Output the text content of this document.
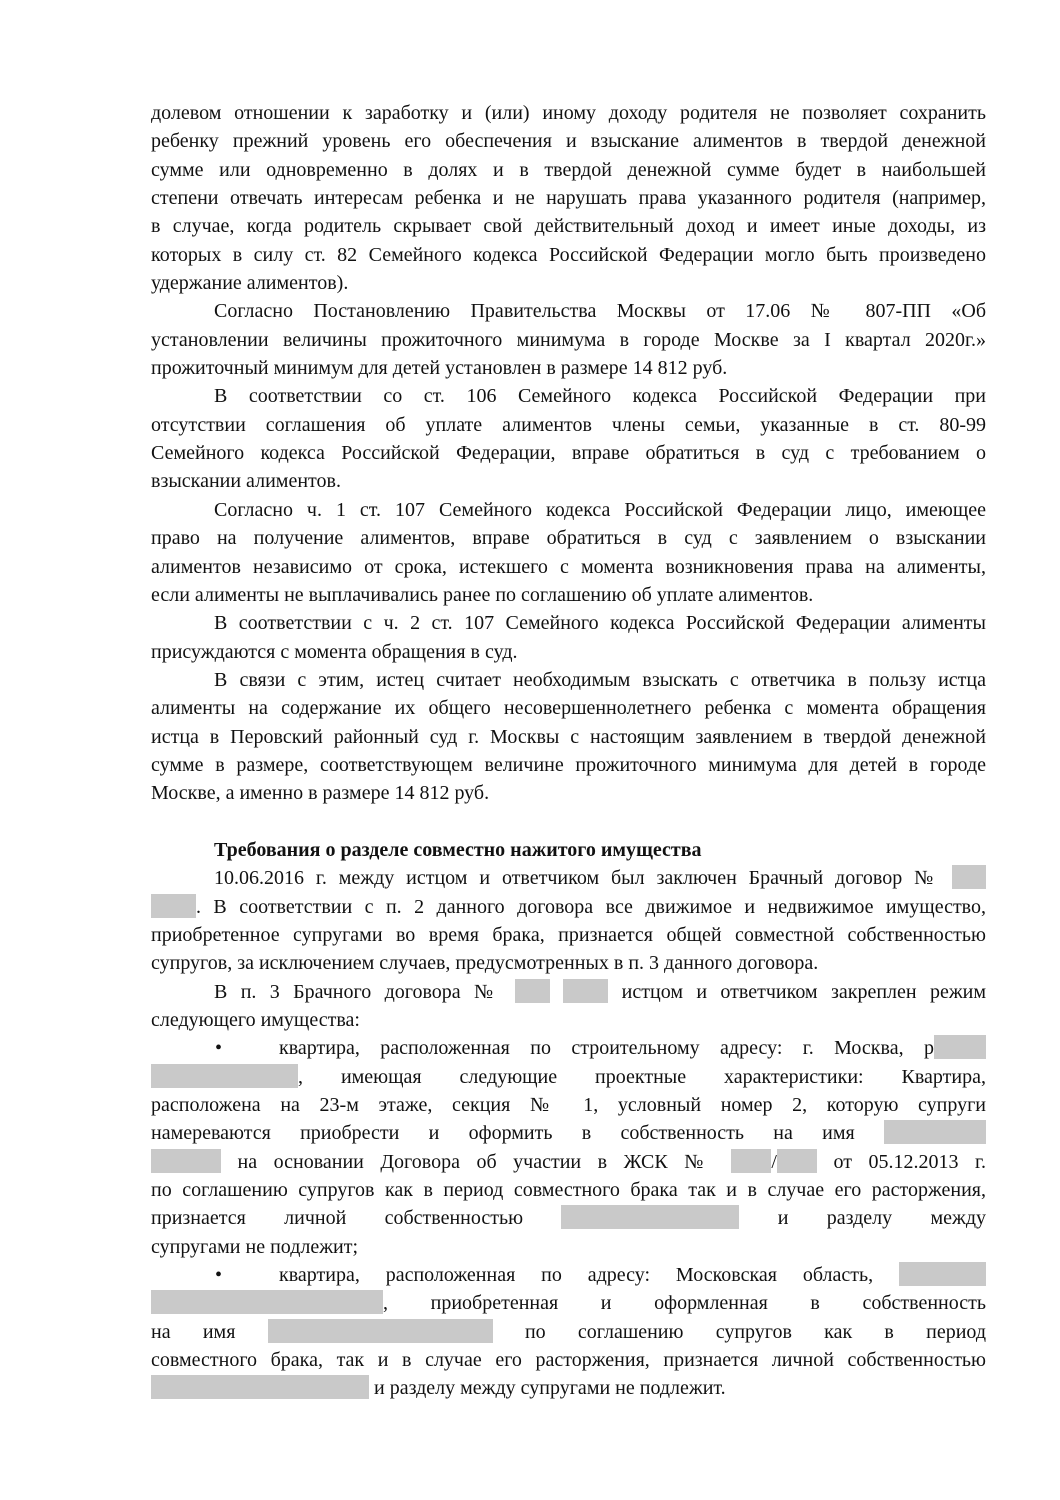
долевом отношении к заработку и (или) иному доходу родителя не позволяет сохранить
ребенку прежний уровень его обеспечения и взыскание алиментов в твердой денежной
сумме или одновременно в долях и в твердой денежной сумме будет в наибольшей
степени отвечать интересам ребенка и не нарушать права указанного родителя (например,
в случае, когда родитель скрывает свой действительный доход и имеет иные доходы, из
которых в силу ст. 82 Семейного кодекса Российской Федерации могло быть произведено
удержание алиментов).
Согласно Постановлению Правительства Москвы от 17.06 № 807-ПП «Об
установлении величины прожиточного минимума в городе Москве за I квартал 2020г.»
прожиточный минимум для детей установлен в размере 14 812 руб.
В соответствии со ст. 106 Семейного кодекса Российской Федерации при
отсутствии соглашения об уплате алиментов члены семьи, указанные в ст. 80-99
Семейного кодекса Российской Федерации, вправе обратиться в суд с требованием о
взыскании алиментов.
Согласно ч. 1 ст. 107 Семейного кодекса Российской Федерации лицо, имеющее
право на получение алиментов, вправе обратиться в суд с заявлением о взыскании
алиментов независимо от срока, истекшего с момента возникновения права на алименты,
если алименты не выплачивались ранее по соглашению об уплате алиментов.
В соответствии с ч. 2 ст. 107 Семейного кодекса Российской Федерации алименты
присуждаются с момента обращения в суд.
В связи с этим, истец считает необходимым взыскать с ответчика в пользу истца
алименты на содержание их общего несовершеннолетнего ребенка с момента обращения
истца в Перовский районный суд г. Москвы с настоящим заявлением в твердой денежной
сумме в размере, соответствующем величине прожиточного минимума для детей в городе
Москве, а именно в размере 14 812 руб.
Требования о разделе совместно нажитого имущества
10.06.2016 г. между истцом и ответчиком был заключен Брачный договор №
. В соответствии с п. 2 данного договора все движимое и недвижимое имущество,
приобретенное супругами во время брака, признается общей совместной собственностью
супругов, за исключением случаев, предусмотренных в п. 3 данного договора.
В п. 3 Брачного договора №	истцом и ответчиком закреплен режим
следующего имущества:
•	квартира, расположенная по строительному адресу: г. Москва, р
, имеющая следующие проектные характеристики: Квартира,
расположена на 23-м этаже, секция № 1, условный номер 2, которую супруги
намереваются приобрести и оформить в собственность на имя
на основании Договора об участии в ЖСК №	/	от 05.12.2013 г.
по соглашению супругов как в период совместного брака так и в случае его расторжения,
признается личной собственностью	и разделу между
супругами не подлежит;
•	квартира, расположенная по адресу: Московская область,
, приобретенная и оформленная в собственность
на имя	по соглашению супругов как в период
совместного брака, так и в случае его расторжения, признается личной собственностью
и разделу между супругами не подлежит.
